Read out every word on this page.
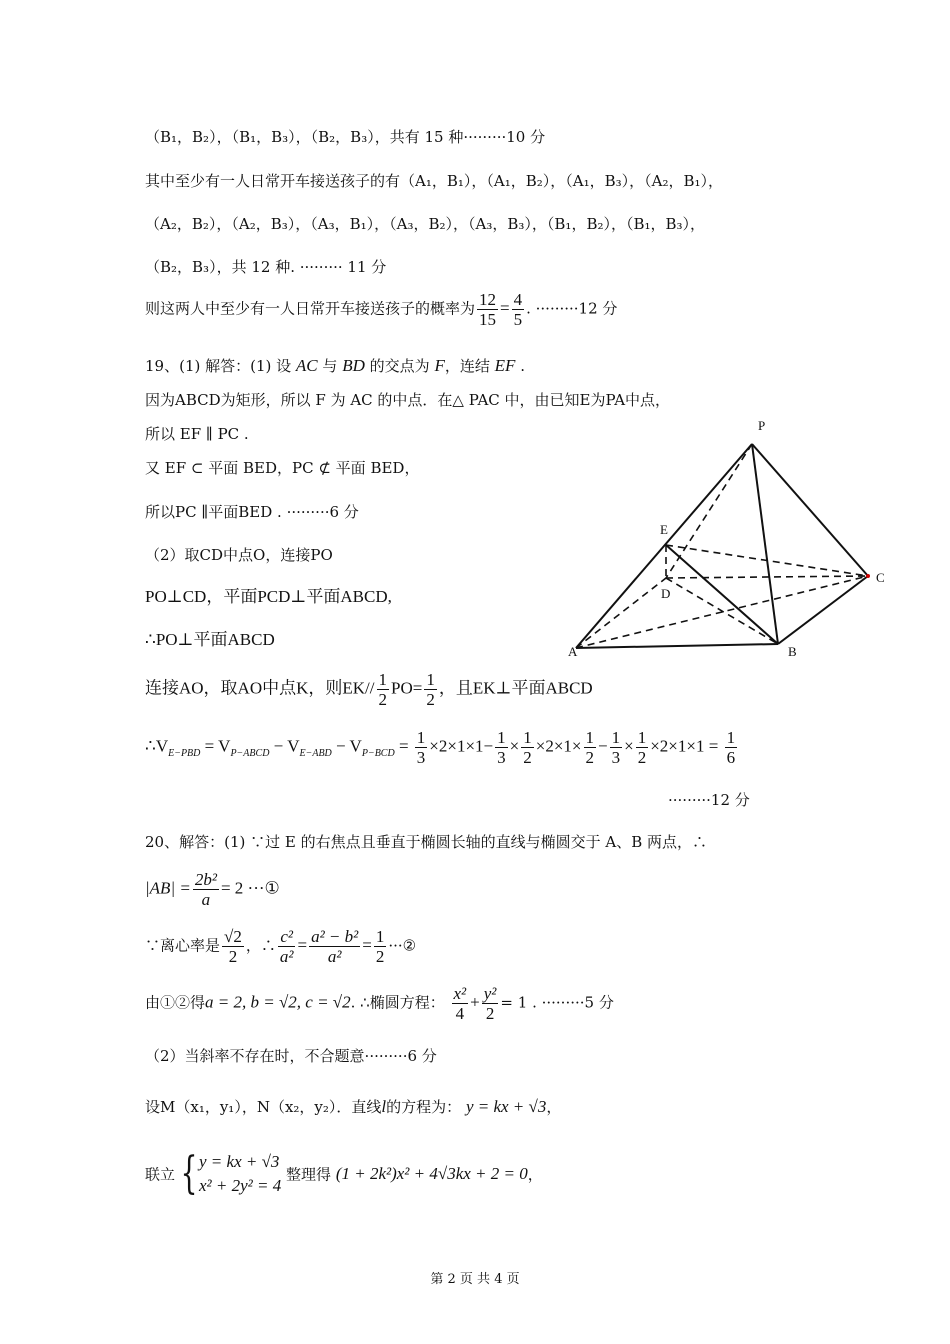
（B₁，B₂），（B₁，B₃），（B₂，B₃），共有 15 种·········10 分
其中至少有一人日常开车接送孩子的有（A₁，B₁），（A₁，B₂），（A₁，B₃），（A₂，B₁），
（A₂，B₂），（A₂，B₃），（A₃，B₁），（A₃，B₂），（A₃，B₃），（B₁，B₂），（B₁，B₃），
（B₂，B₃），共 12 种. ········· 11 分
则这两人中至少有一人日常开车接送孩子的概率为 $\frac{12}{15} = \frac{4}{5}$ . ·········12 分
19、(1) 解答：(1) 设 AC 与 BD 的交点为 F，连结 EF .
因为ABCD为矩形，所以 F 为 AC 的中点．在△ PAC 中，由已知E为PA中点，
所以 EF ∥ PC .
又 EF ⊂ 平面 BED，PC ⊄ 平面 BED，
所以PC ∥平面BED . ·········6 分
（2）取CD中点O，连接PO
PO⊥CD，平面PCD⊥平面ABCD,
∴PO⊥平面ABCD
连接AO，取AO中点K，则$EK// \frac{1}{2} PO= \frac{1}{2}$ ，且EK⊥平面ABCD
$\therefore V_{E-PBD} = V_{P-ABCD} - V_{E-ABD} - V_{P-BCD} = \frac{1}{3} \times 2\times 1\times 1- \frac{1}{3} \times \frac{1}{2} \times 2\times 1\times \frac{1}{2} - \frac{1}{3} \times \frac{1}{2} \times 2\times 1\times 1 = \frac{1}{6}$
·········12 分
20、解答：(1) ∵过 E 的右焦点且垂直于椭圆长轴的直线与椭圆交于 A、B 两点，∴
$|AB| = \frac{\text{2b²}}{a} = 2$ ···①
∵离心率是 $\frac{√2}{2}$ ，∴ $\frac{\text{c²}}{\text{a²}} = \frac{\text{a² − b²}}{\text{a²}} = \frac{1}{2}$ ···②
由①②得a = 2, b = √2, c = √2. ∴椭圆方程： $\frac{\text{x²}}{4} + \frac{\text{y²}}{2} = 1$ . ·········5 分
（2）当斜率不存在时，不合题意·········6 分
设M（x₁，y₁），N（x₂，y₂）．直线l的方程为： y = kx + √3，
联立 { y = kx + √3
x² + 2y² = 4
整理得 (1 + 2k²)x² + 4√3kx + 2 = 0，
P
E
D
C
A	B
第 2 页 共 4 页
